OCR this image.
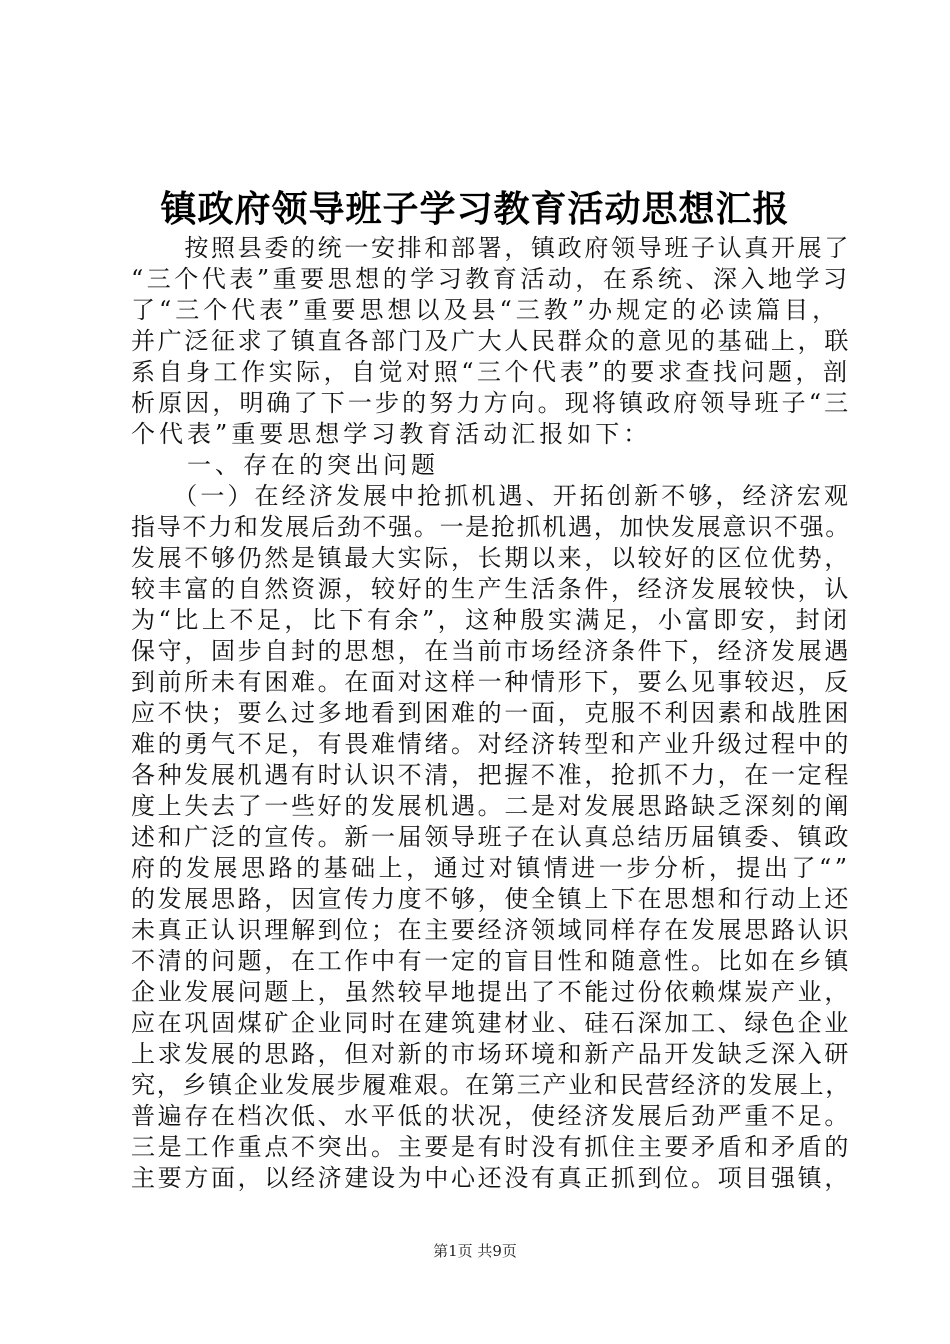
镇政府领导班子学习教育活动思想汇报
　　按照县委的统一安排和部署，镇政府领导班子认真开展了
“三个代表”重要思想的学习教育活动，在系统、深入地学习
了“三个代表”重要思想以及县“三教”办规定的必读篇目，
并广泛征求了镇直各部门及广大人民群众的意见的基础上，联
系自身工作实际，自觉对照“三个代表”的要求查找问题，剖
析原因，明确了下一步的努力方向。现将镇政府领导班子“三
个代表”重要思想学习教育活动汇报如下：
　　一、存在的突出问题
　　（一）在经济发展中抢抓机遇、开拓创新不够，经济宏观
指导不力和发展后劲不强。一是抢抓机遇，加快发展意识不强。
发展不够仍然是镇最大实际，长期以来，以较好的区位优势，
较丰富的自然资源，较好的生产生活条件，经济发展较快，认
为“比上不足，比下有余”，这种殷实满足，小富即安，封闭
保守，固步自封的思想，在当前市场经济条件下，经济发展遇
到前所未有困难。在面对这样一种情形下，要么见事较迟，反
应不快；要么过多地看到困难的一面，克服不利因素和战胜困
难的勇气不足，有畏难情绪。对经济转型和产业升级过程中的
各种发展机遇有时认识不清，把握不准，抢抓不力，在一定程
度上失去了一些好的发展机遇。二是对发展思路缺乏深刻的阐
述和广泛的宣传。新一届领导班子在认真总结历届镇委、镇政
府的发展思路的基础上，通过对镇情进一步分析，提出了“”
的发展思路，因宣传力度不够，使全镇上下在思想和行动上还
未真正认识理解到位；在主要经济领域同样存在发展思路认识
不清的问题，在工作中有一定的盲目性和随意性。比如在乡镇
企业发展问题上，虽然较早地提出了不能过份依赖煤炭产业，
应在巩固煤矿企业同时在建筑建材业、硅石深加工、绿色企业
上求发展的思路，但对新的市场环境和新产品开发缺乏深入研
究，乡镇企业发展步履难艰。在第三产业和民营经济的发展上，
普遍存在档次低、水平低的状况，使经济发展后劲严重不足。
三是工作重点不突出。主要是有时没有抓住主要矛盾和矛盾的
主要方面，以经济建设为中心还没有真正抓到位。项目强镇，
第1页 共9页
